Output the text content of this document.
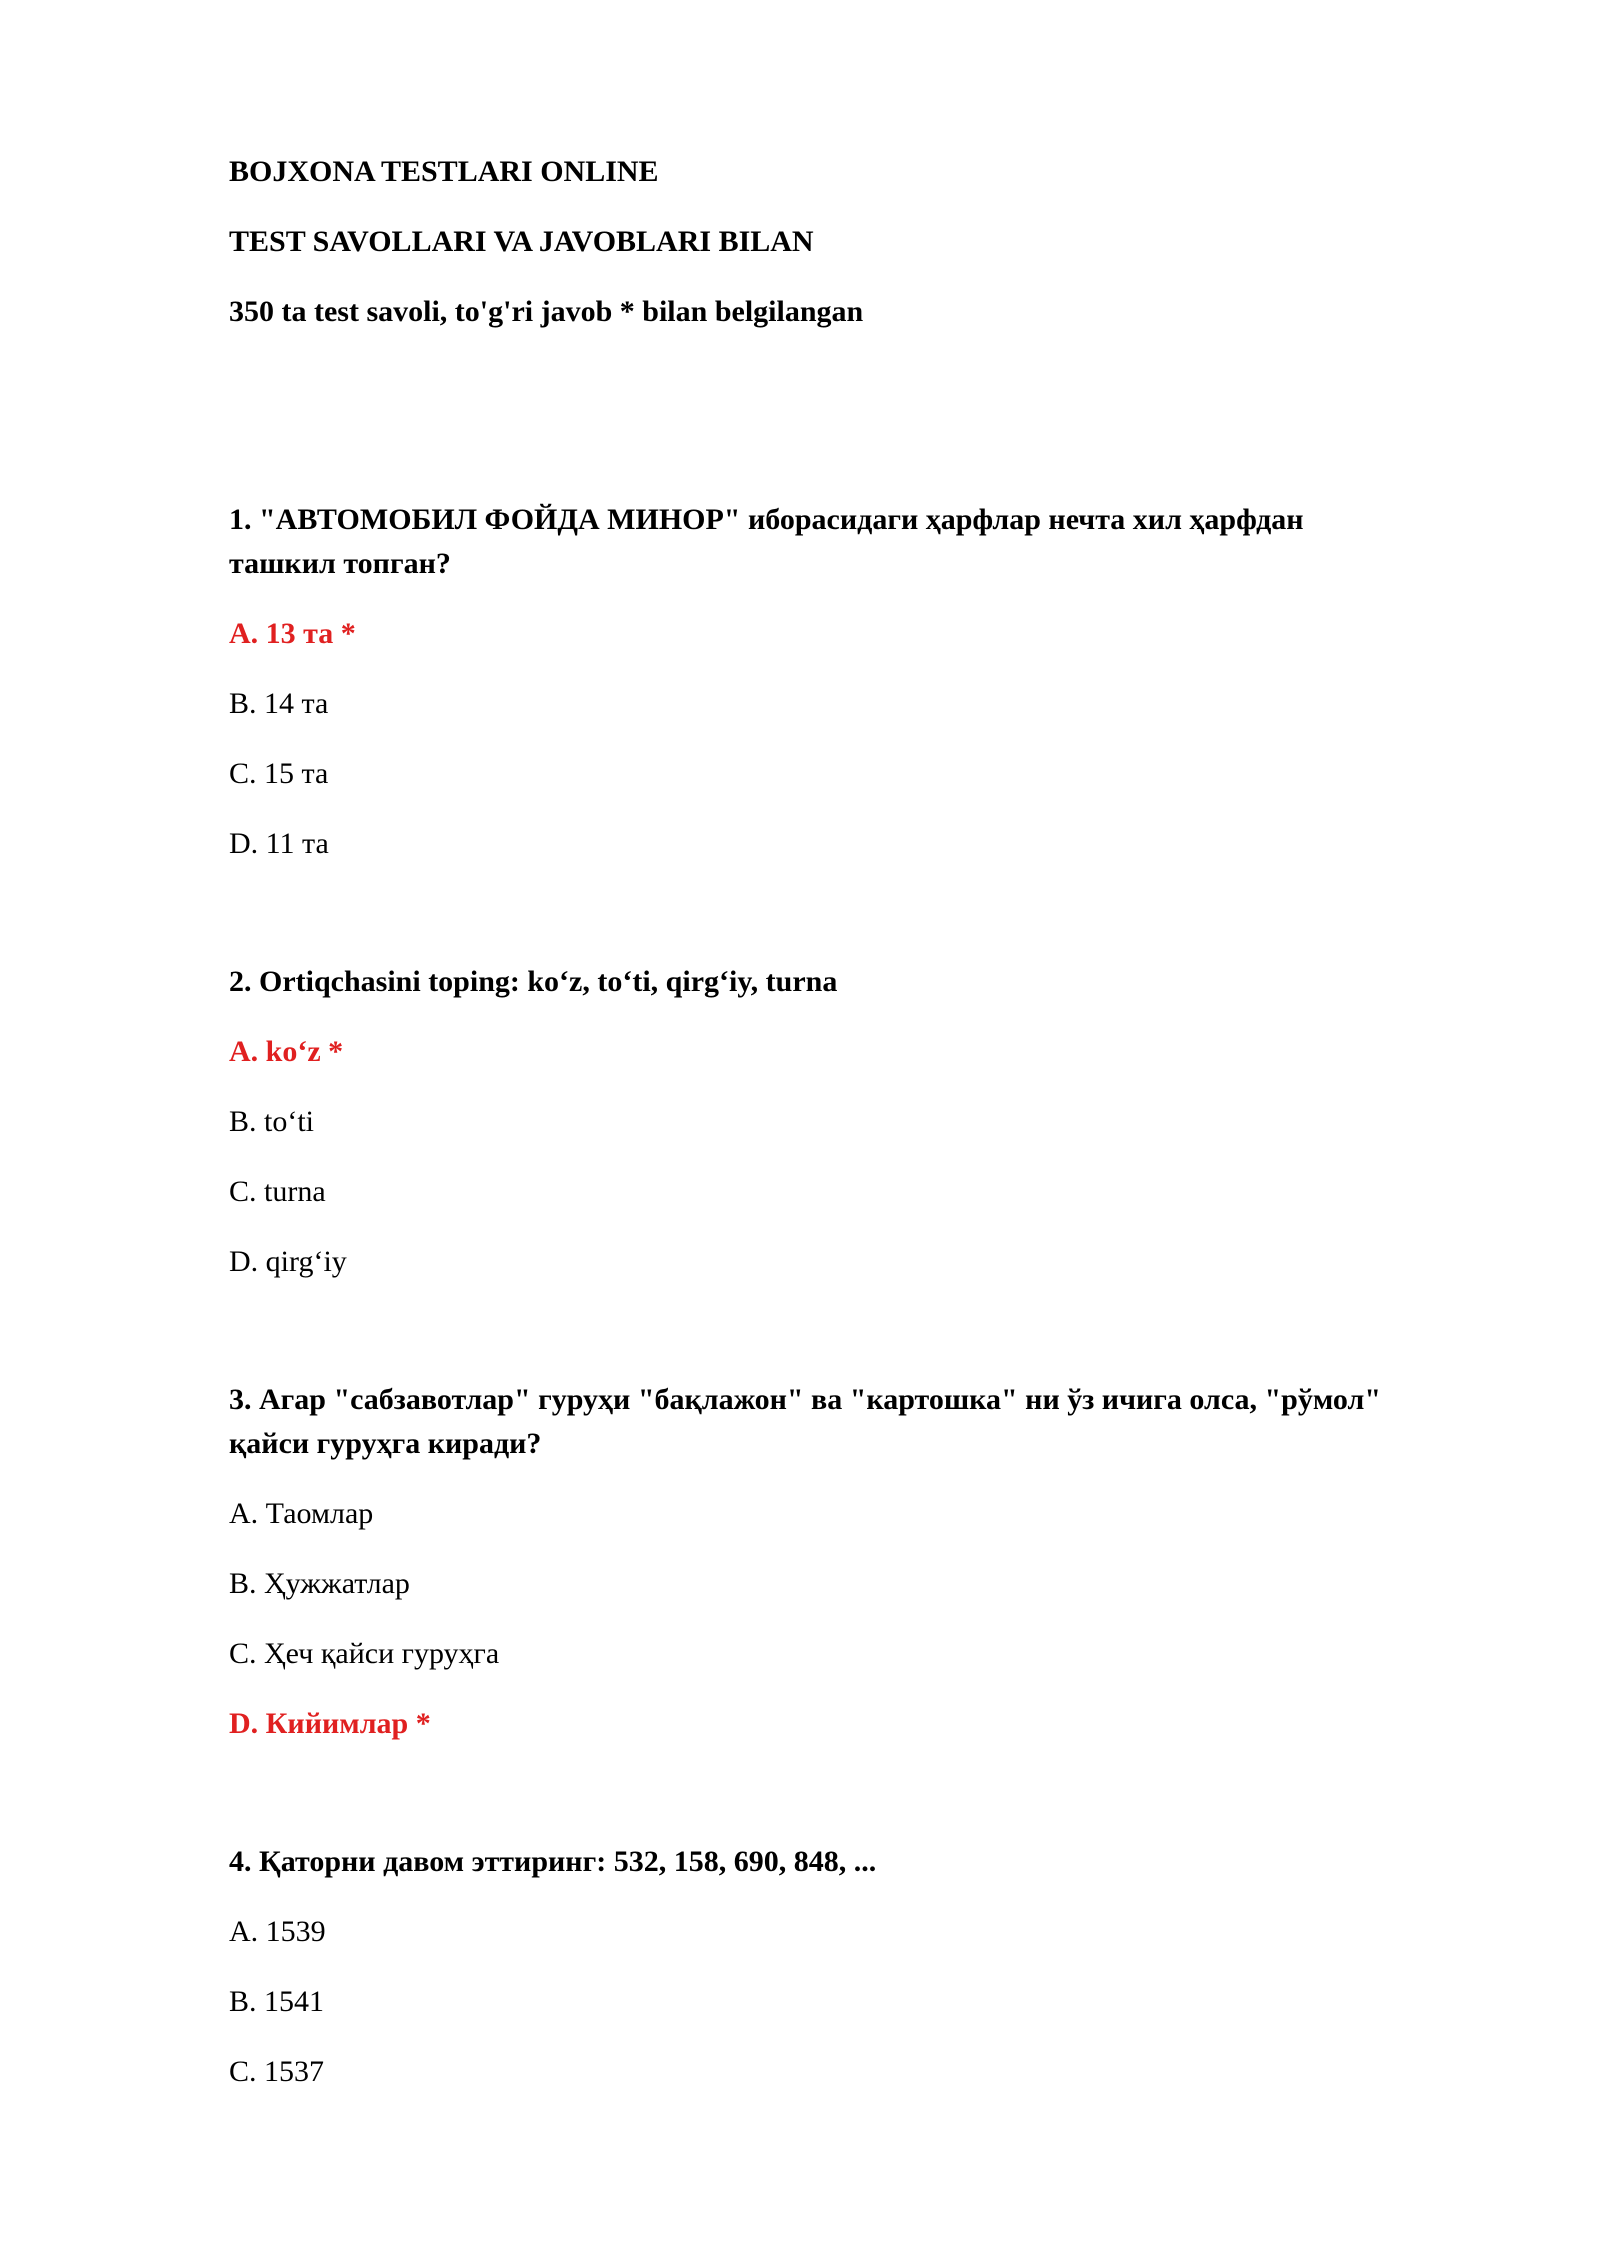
BOJXONA TESTLARI ONLINE
TEST SAVOLLARI VA JAVOBLARI BILAN
350 ta test savoli, to'g'ri javob * bilan belgilangan
1. "АВТОМОБИЛ ФОЙДА МИНОР" иборасидаги ҳарфлар нечта хил ҳарфдан
ташкил топган?
A. 13 та *
B. 14 та
C. 15 та
D. 11 та
2. Ortiqchasini toping: ko‘z, to‘ti, qirg‘iy, turna
A. ko‘z *
B. to‘ti
C. turna
D. qirg‘iy
3. Агар "сабзавотлар" гуруҳи "бақлажон" ва "картошка" ни ўз ичига олса, "рўмол"
қайси гуруҳга киради?
A. Таомлар
B. Ҳужжатлар
C. Ҳеч қайси гуруҳга
D. Кийимлар *
4. Қаторни давом эттиринг: 532, 158, 690, 848, ...
A. 1539
B. 1541
C. 1537
